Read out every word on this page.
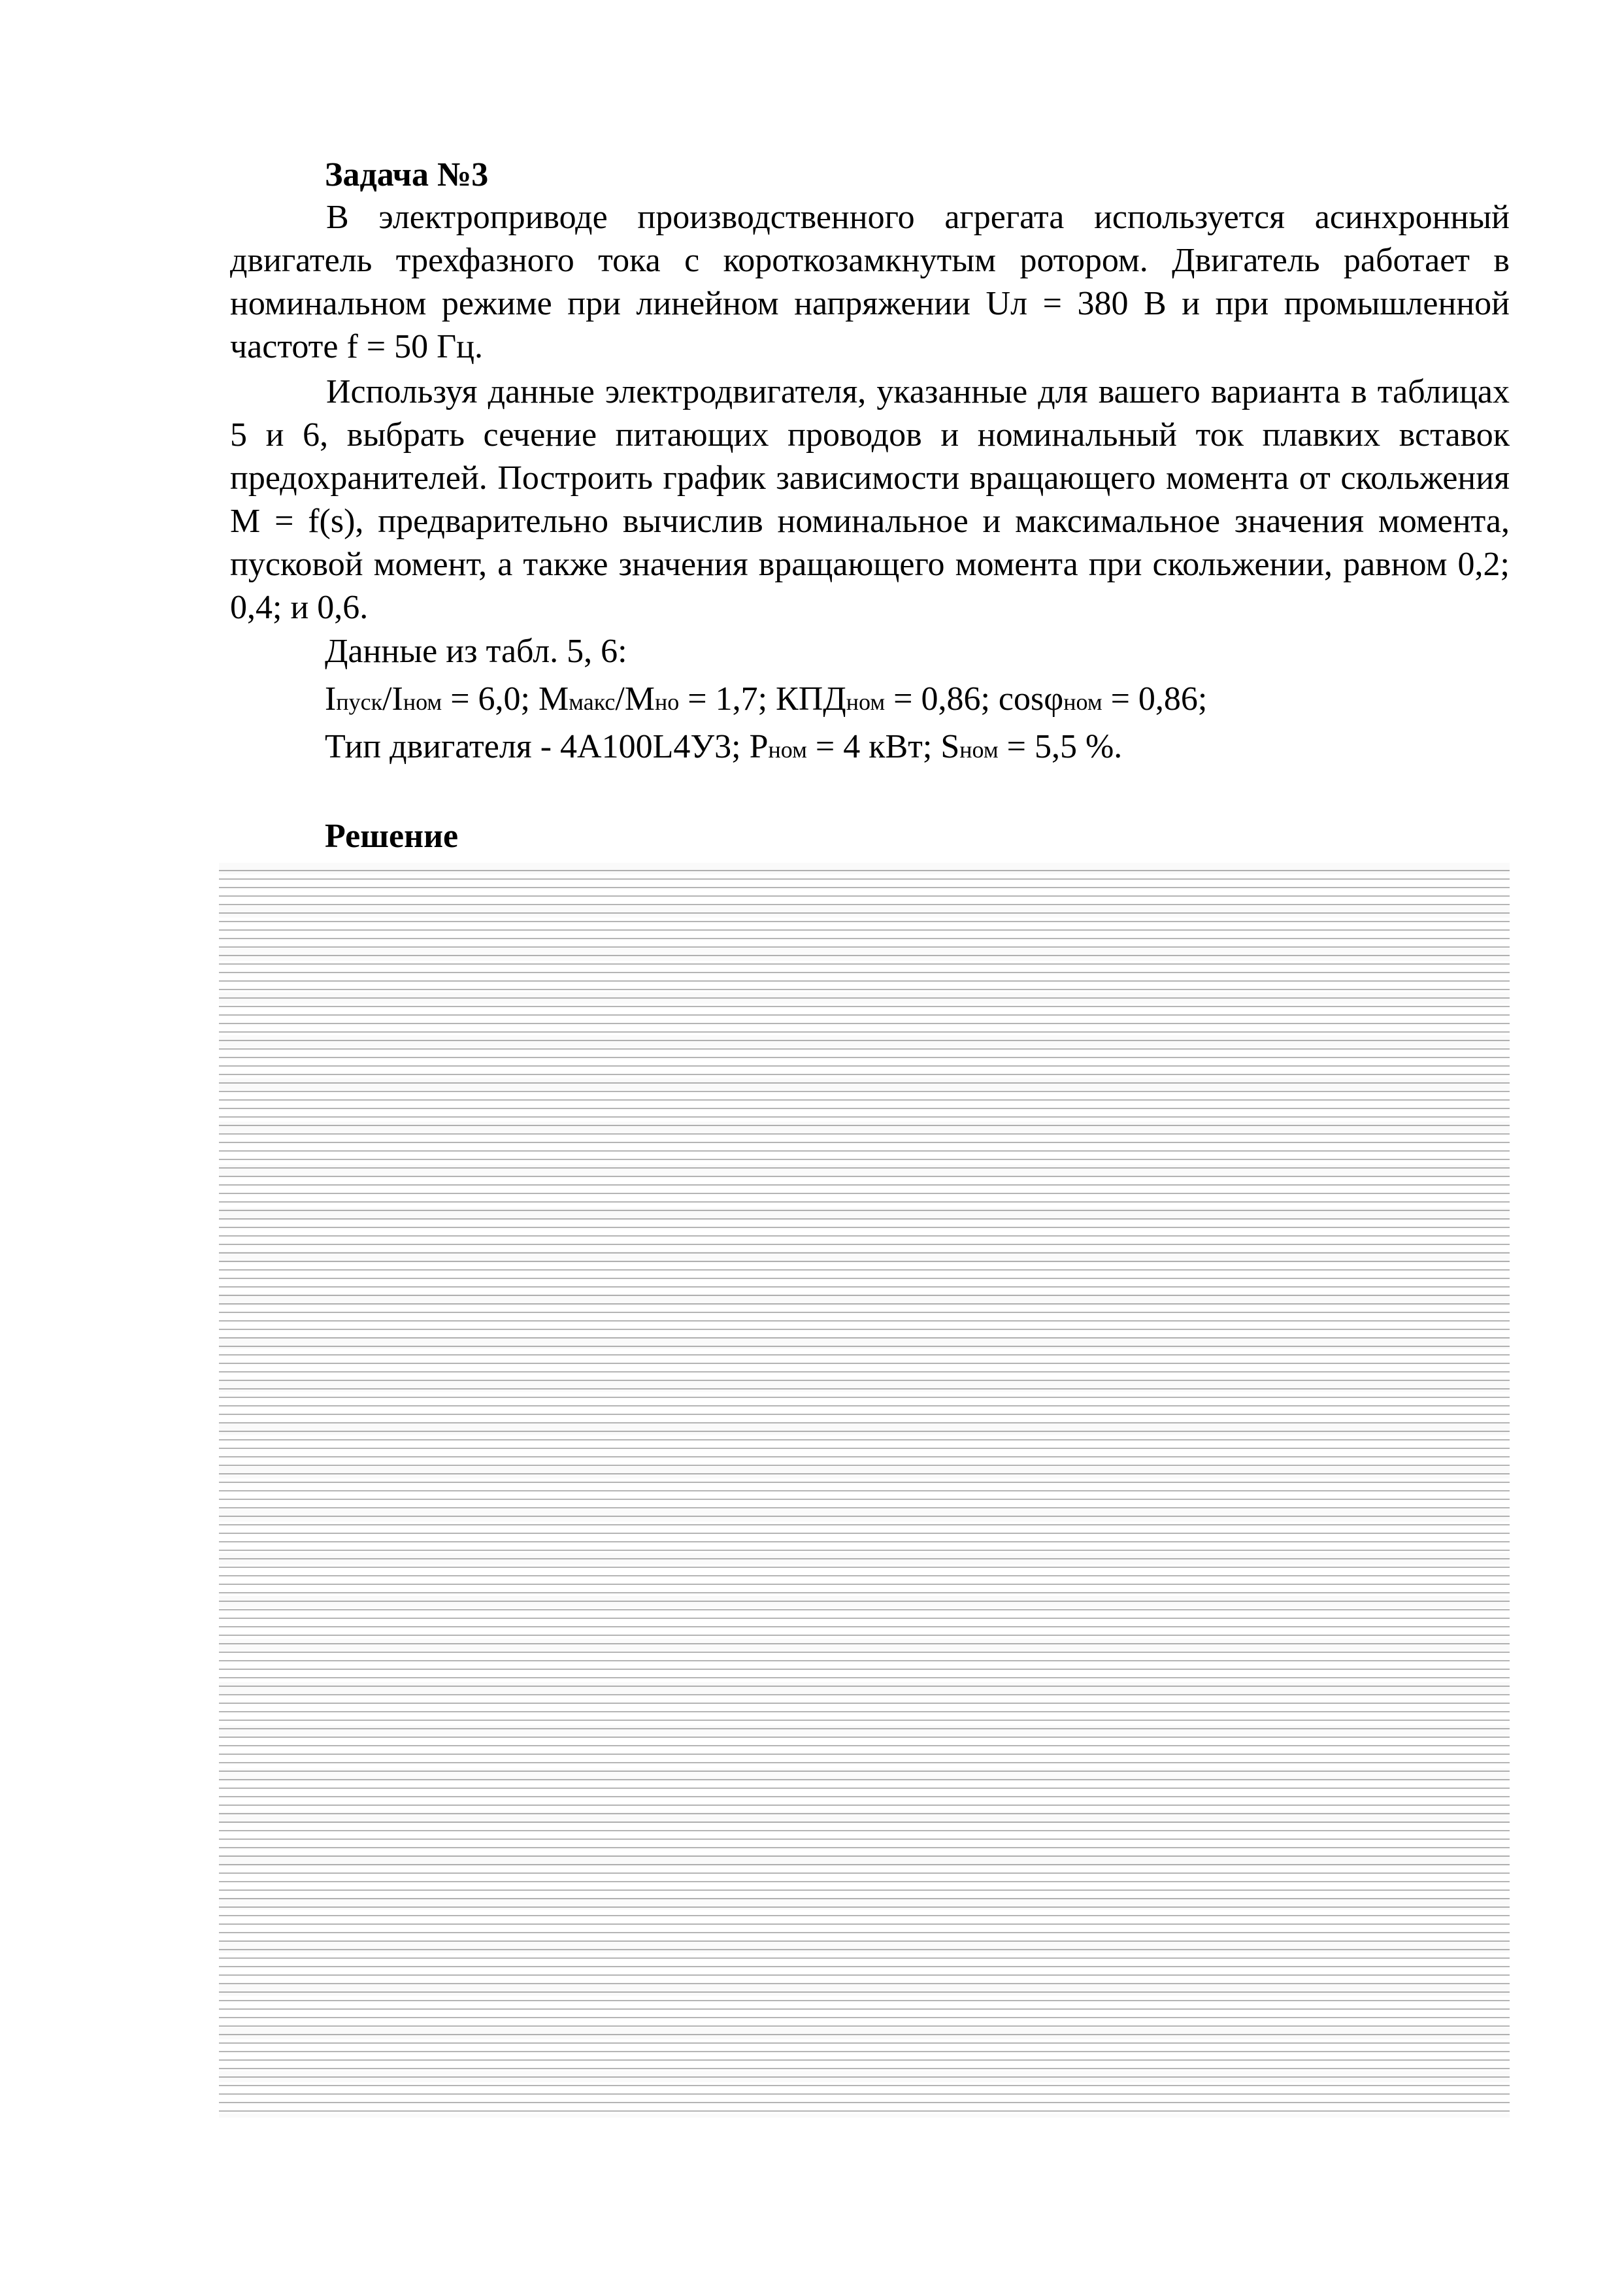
Задача №3

В электроприводе производственного агрегата используется асинхронный двигатель трехфазного тока с короткозамкнутым ротором. Двигатель работает в номинальном режиме при линейном напряжении Uл = 380 В и при промышленной частоте f = 50 Гц.

Используя данные электродвигателя, указанные для вашего варианта в таблицах 5 и 6, выбрать сечение питающих проводов и номинальный ток плавких вставок предохранителей. Построить график зависимости вращающего момента от скольжения M = f(s), предварительно вычислив номинальное и максимальное значения момента, пусковой момент, а также значения вращающего момента при скольжении, равном 0,2; 0,4; и 0,6.

Данные из табл. 5, 6:

Iпуск/Iном = 6,0; Mмакс/Mно = 1,7; КПДном = 0,86; cosφном = 0,86;

Тип двигателя - 4А100L4У3; Pном = 4 кВт; Sном = 5,5 %.

Решение
